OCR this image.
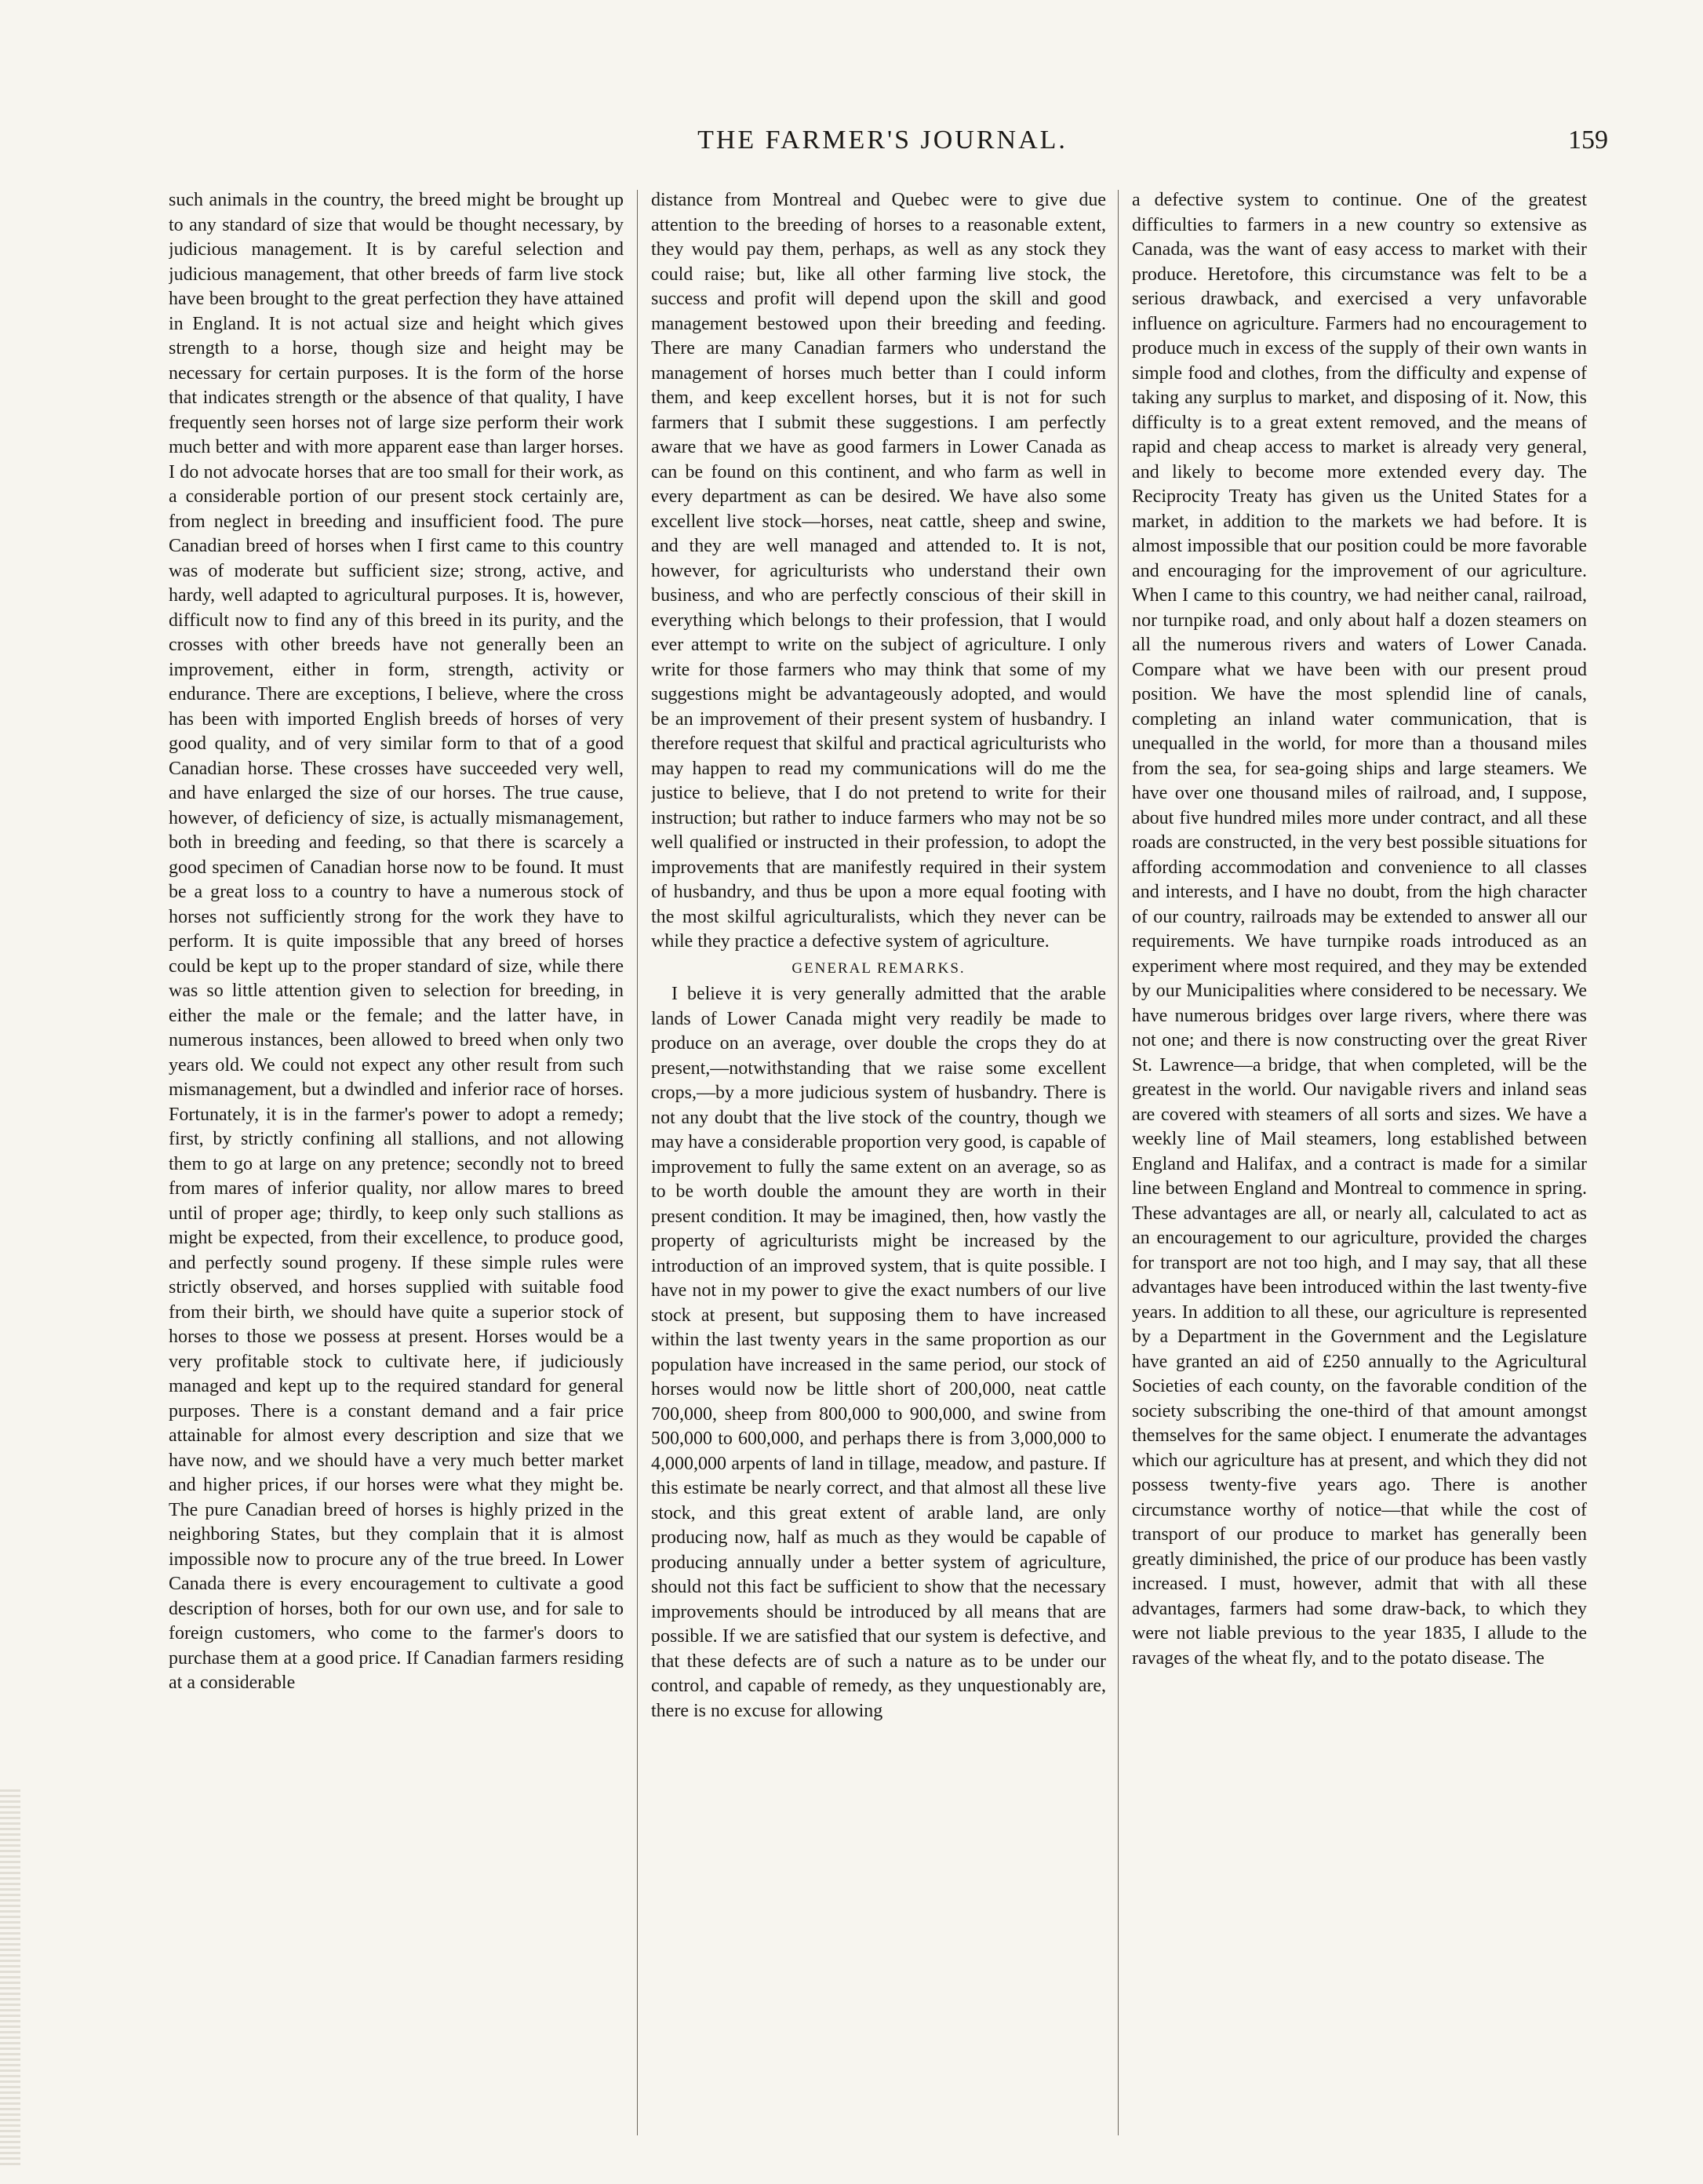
THE FARMER'S JOURNAL.	159

such animals in the country, the breed might be brought up to any standard of size that would be thought necessary, by judicious management. It is by careful selection and judicious management, that other breeds of farm live stock have been brought to the great perfection they have attained in England. It is not actual size and height which gives strength to a horse, though size and height may be necessary for certain purposes. It is the form of the horse that indicates strength or the absence of that quality, I have frequently seen horses not of large size perform their work much better and with more apparent ease than larger horses. I do not advocate horses that are too small for their work, as a considerable portion of our present stock certainly are, from neglect in breeding and insufficient food. The pure Canadian breed of horses when I first came to this country was of moderate but sufficient size; strong, active, and hardy, well adapted to agricultural purposes. It is, however, difficult now to find any of this breed in its purity, and the crosses with other breeds have not generally been an improvement, either in form, strength, activity or endurance. There are exceptions, I believe, where the cross has been with imported English breeds of horses of very good quality, and of very similar form to that of a good Canadian horse. These crosses have succeeded very well, and have enlarged the size of our horses. The true cause, however, of deficiency of size, is actually mismanagement, both in breeding and feeding, so that there is scarcely a good specimen of Canadian horse now to be found. It must be a great loss to a country to have a numerous stock of horses not sufficiently strong for the work they have to perform. It is quite impossible that any breed of horses could be kept up to the proper standard of size, while there was so little attention given to selection for breeding, in either the male or the female; and the latter have, in numerous instances, been allowed to breed when only two years old. We could not expect any other result from such mismanagement, but a dwindled and inferior race of horses. Fortunately, it is in the farmer's power to adopt a remedy; first, by strictly confining all stallions, and not allowing them to go at large on any pretence; secondly not to breed from mares of inferior quality, nor allow mares to breed until of proper age; thirdly, to keep only such stallions as might be expected, from their excellence, to produce good, and perfectly sound progeny. If these simple rules were strictly observed, and horses supplied with suitable food from their birth, we should have quite a superior stock of horses to those we possess at present. Horses would be a very profitable stock to cultivate here, if judiciously managed and kept up to the required standard for general purposes. There is a constant demand and a fair price attainable for almost every description and size that we have now, and we should have a very much better market and higher prices, if our horses were what they might be. The pure Canadian breed of horses is highly prized in the neighboring States, but they complain that it is almost impossible now to procure any of the true breed. In Lower Canada there is every encouragement to cultivate a good description of horses, both for our own use, and for sale to foreign customers, who come to the farmer's doors to purchase them at a good price. If Canadian farmers residing at a considerable

distance from Montreal and Quebec were to give due attention to the breeding of horses to a reasonable extent, they would pay them, perhaps, as well as any stock they could raise; but, like all other farming live stock, the success and profit will depend upon the skill and good management bestowed upon their breeding and feeding. There are many Canadian farmers who understand the management of horses much better than I could inform them, and keep excellent horses, but it is not for such farmers that I submit these suggestions. I am perfectly aware that we have as good farmers in Lower Canada as can be found on this continent, and who farm as well in every department as can be desired. We have also some excellent live stock—horses, neat cattle, sheep and swine, and they are well managed and attended to. It is not, however, for agriculturists who understand their own business, and who are perfectly conscious of their skill in everything which belongs to their profession, that I would ever attempt to write on the subject of agriculture. I only write for those farmers who may think that some of my suggestions might be advantageously adopted, and would be an improvement of their present system of husbandry. I therefore request that skilful and practical agriculturists who may happen to read my communications will do me the justice to believe, that I do not pretend to write for their instruction; but rather to induce farmers who may not be so well qualified or instructed in their profession, to adopt the improvements that are manifestly required in their system of husbandry, and thus be upon a more equal footing with the most skilful agriculturalists, which they never can be while they practice a defective system of agriculture.

GENERAL REMARKS.

I believe it is very generally admitted that the arable lands of Lower Canada might very readily be made to produce on an average, over double the crops they do at present,—notwithstanding that we raise some excellent crops,—by a more judicious system of husbandry. There is not any doubt that the live stock of the country, though we may have a considerable proportion very good, is capable of improvement to fully the same extent on an average, so as to be worth double the amount they are worth in their present condition. It may be imagined, then, how vastly the property of agriculturists might be increased by the introduction of an improved system, that is quite possible. I have not in my power to give the exact numbers of our live stock at present, but supposing them to have increased within the last twenty years in the same proportion as our population have increased in the same period, our stock of horses would now be little short of 200,000, neat cattle 700,000, sheep from 800,000 to 900,000, and swine from 500,000 to 600,000, and perhaps there is from 3,000,000 to 4,000,000 arpents of land in tillage, meadow, and pasture. If this estimate be nearly correct, and that almost all these live stock, and this great extent of arable land, are only producing now, half as much as they would be capable of producing annually under a better system of agriculture, should not this fact be sufficient to show that the necessary improvements should be introduced by all means that are possible. If we are satisfied that our system is defective, and that these defects are of such a nature as to be under our control, and capable of remedy, as they unquestionably are, there is no excuse for allowing

a defective system to continue. One of the greatest difficulties to farmers in a new country so extensive as Canada, was the want of easy access to market with their produce. Heretofore, this circumstance was felt to be a serious drawback, and exercised a very unfavorable influence on agriculture. Farmers had no encouragement to produce much in excess of the supply of their own wants in simple food and clothes, from the difficulty and expense of taking any surplus to market, and disposing of it. Now, this difficulty is to a great extent removed, and the means of rapid and cheap access to market is already very general, and likely to become more extended every day. The Reciprocity Treaty has given us the United States for a market, in addition to the markets we had before. It is almost impossible that our position could be more favorable and encouraging for the improvement of our agriculture. When I came to this country, we had neither canal, railroad, nor turnpike road, and only about half a dozen steamers on all the numerous rivers and waters of Lower Canada. Compare what we have been with our present proud position. We have the most splendid line of canals, completing an inland water communication, that is unequalled in the world, for more than a thousand miles from the sea, for sea-going ships and large steamers. We have over one thousand miles of railroad, and, I suppose, about five hundred miles more under contract, and all these roads are constructed, in the very best possible situations for affording accommodation and convenience to all classes and interests, and I have no doubt, from the high character of our country, railroads may be extended to answer all our requirements. We have turnpike roads introduced as an experiment where most required, and they may be extended by our Municipalities where considered to be necessary. We have numerous bridges over large rivers, where there was not one; and there is now constructing over the great River St. Lawrence—a bridge, that when completed, will be the greatest in the world. Our navigable rivers and inland seas are covered with steamers of all sorts and sizes. We have a weekly line of Mail steamers, long established between England and Halifax, and a contract is made for a similar line between England and Montreal to commence in spring. These advantages are all, or nearly all, calculated to act as an encouragement to our agriculture, provided the charges for transport are not too high, and I may say, that all these advantages have been introduced within the last twenty-five years. In addition to all these, our agriculture is represented by a Department in the Government and the Legislature have granted an aid of £250 annually to the Agricultural Societies of each county, on the favorable condition of the society subscribing the one-third of that amount amongst themselves for the same object. I enumerate the advantages which our agriculture has at present, and which they did not possess twenty-five years ago. There is another circumstance worthy of notice—that while the cost of transport of our produce to market has generally been greatly diminished, the price of our produce has been vastly increased. I must, however, admit that with all these advantages, farmers had some draw-back, to which they were not liable previous to the year 1835, I allude to the ravages of the wheat fly, and to the potato disease. The
